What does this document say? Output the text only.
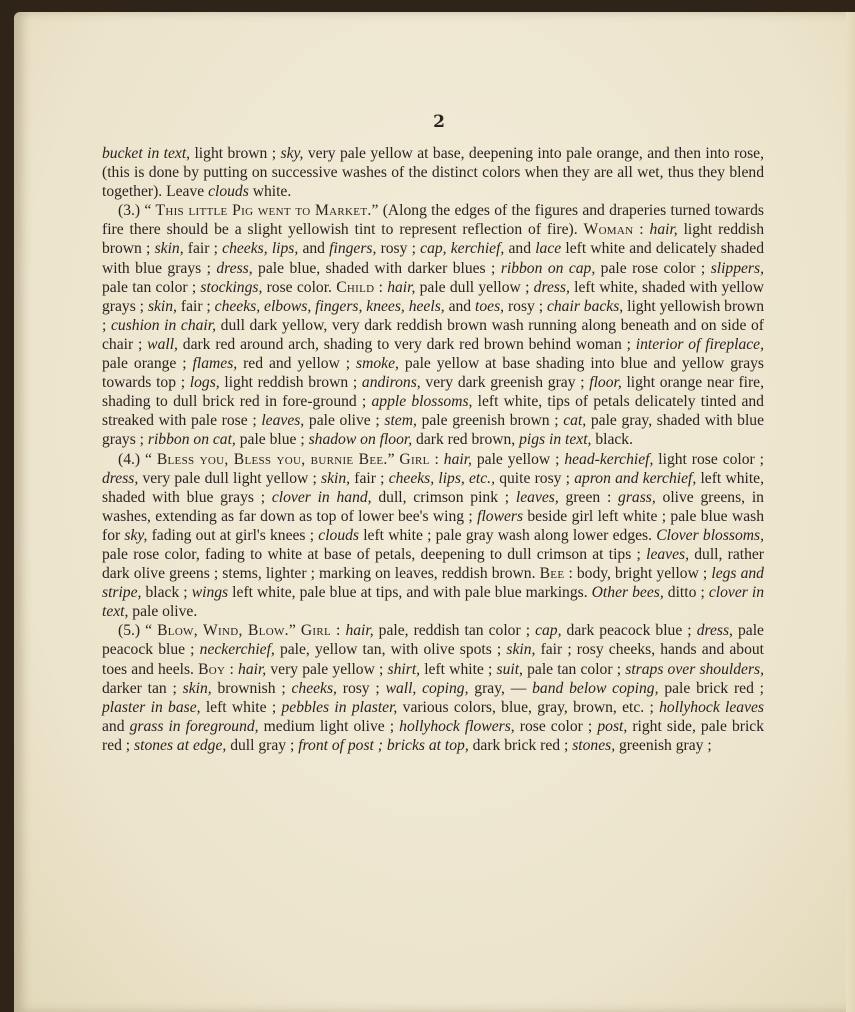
2

bucket in text, light brown ; sky, very pale yellow at base, deepening into pale orange, and then into rose, (this is done by putting on successive washes of the distinct colors when they are all wet, thus they blend together). Leave clouds white.

(3.) “ This little Pig went to Market.” (Along the edges of the figures and draperies turned towards fire there should be a slight yellowish tint to represent reflection of fire). Woman : hair, light reddish brown ; skin, fair ; cheeks, lips, and fingers, rosy ; cap, kerchief, and lace left white and delicately shaded with blue grays ; dress, pale blue, shaded with darker blues ; ribbon on cap, pale rose color ; slippers, pale tan color ; stockings, rose color. Child : hair, pale dull yellow ; dress, left white, shaded with yellow grays ; skin, fair ; cheeks, elbows, fingers, knees, heels, and toes, rosy ; chair backs, light yellowish brown ; cushion in chair, dull dark yellow, very dark reddish brown wash running along beneath and on side of chair ; wall, dark red around arch, shading to very dark red brown behind woman ; interior of fireplace, pale orange ; flames, red and yellow ; smoke, pale yellow at base shading into blue and yellow grays towards top ; logs, light reddish brown ; andirons, very dark greenish gray ; floor, light orange near fire, shading to dull brick red in fore-ground ; apple blossoms, left white, tips of petals delicately tinted and streaked with pale rose ; leaves, pale olive ; stem, pale greenish brown ; cat, pale gray, shaded with blue grays ; ribbon on cat, pale blue ; shadow on floor, dark red brown, pigs in text, black.

(4.) “ Bless you, Bless you, burnie Bee.” Girl : hair, pale yellow ; head-kerchief, light rose color ; dress, very pale dull light yellow ; skin, fair ; cheeks, lips, etc., quite rosy ; apron and kerchief, left white, shaded with blue grays ; clover in hand, dull, crimson pink ; leaves, green : grass, olive greens, in washes, extending as far down as top of lower bee's wing ; flowers beside girl left white ; pale blue wash for sky, fading out at girl's knees ; clouds left white ; pale gray wash along lower edges. Clover blossoms, pale rose color, fading to white at base of petals, deepening to dull crimson at tips ; leaves, dull, rather dark olive greens ; stems, lighter ; marking on leaves, reddish brown. Bee : body, bright yellow ; legs and stripe, black ; wings left white, pale blue at tips, and with pale blue markings. Other bees, ditto ; clover in text, pale olive.

(5.) “ Blow, Wind, Blow.” Girl : hair, pale, reddish tan color ; cap, dark peacock blue ; dress, pale peacock blue ; neckerchief, pale, yellow tan, with olive spots ; skin, fair ; rosy cheeks, hands and about toes and heels. Boy : hair, very pale yellow ; shirt, left white ; suit, pale tan color ; straps over shoulders, darker tan ; skin, brownish ; cheeks, rosy ; wall, coping, gray, — band below coping, pale brick red ; plaster in base, left white ; pebbles in plaster, various colors, blue, gray, brown, etc. ; hollyhock leaves and grass in foreground, medium light olive ; hollyhock flowers, rose color ; post, right side, pale brick red ; stones at edge, dull gray ; front of post ; bricks at top, dark brick red ; stones, greenish gray ;
